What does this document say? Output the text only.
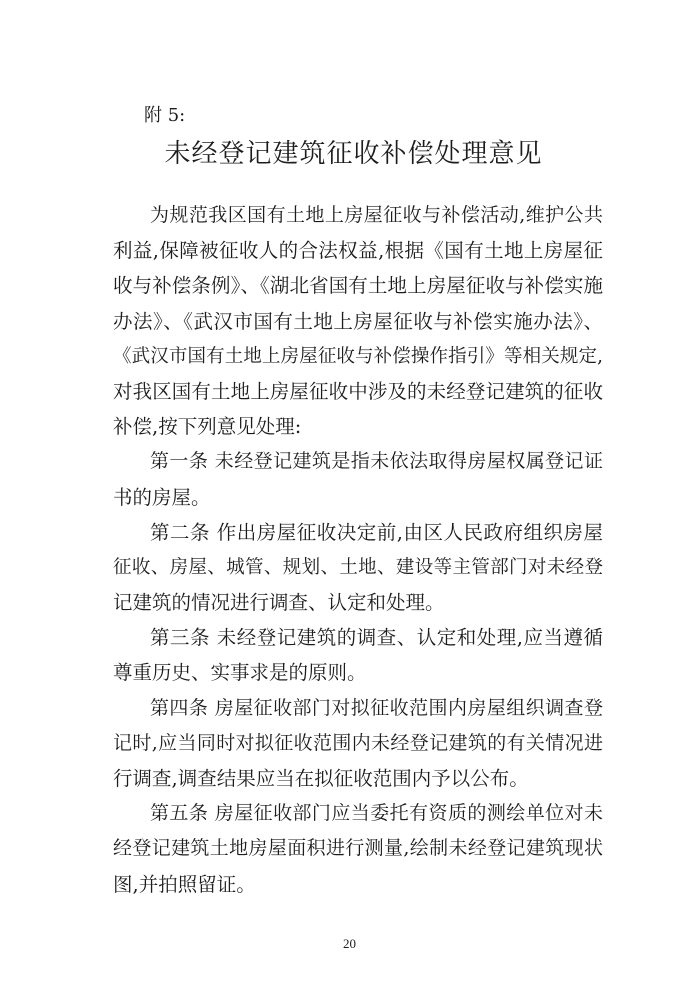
附 5:

未经登记建筑征收补偿处理意见

为规范我区国有土地上房屋征收与补偿活动,维护公共

利益,保障被征收人的合法权益,根据《国有土地上房屋征

收与补偿条例》、《湖北省国有土地上房屋征收与补偿实施

办法》、《武汉市国有土地上房屋征收与补偿实施办法》、

《武汉市国有土地上房屋征收与补偿操作指引》等相关规定,

对我区国有土地上房屋征收中涉及的未经登记建筑的征收

补偿,按下列意见处理:

第一条 未经登记建筑是指未依法取得房屋权属登记证

书的房屋。

第二条 作出房屋征收决定前,由区人民政府组织房屋

征收、房屋、城管、规划、土地、建设等主管部门对未经登

记建筑的情况进行调查、认定和处理。

第三条 未经登记建筑的调查、认定和处理,应当遵循

尊重历史、实事求是的原则。

第四条 房屋征收部门对拟征收范围内房屋组织调查登

记时,应当同时对拟征收范围内未经登记建筑的有关情况进

行调查,调查结果应当在拟征收范围内予以公布。

第五条 房屋征收部门应当委托有资质的测绘单位对未

经登记建筑土地房屋面积进行测量,绘制未经登记建筑现状

图,并拍照留证。

20
